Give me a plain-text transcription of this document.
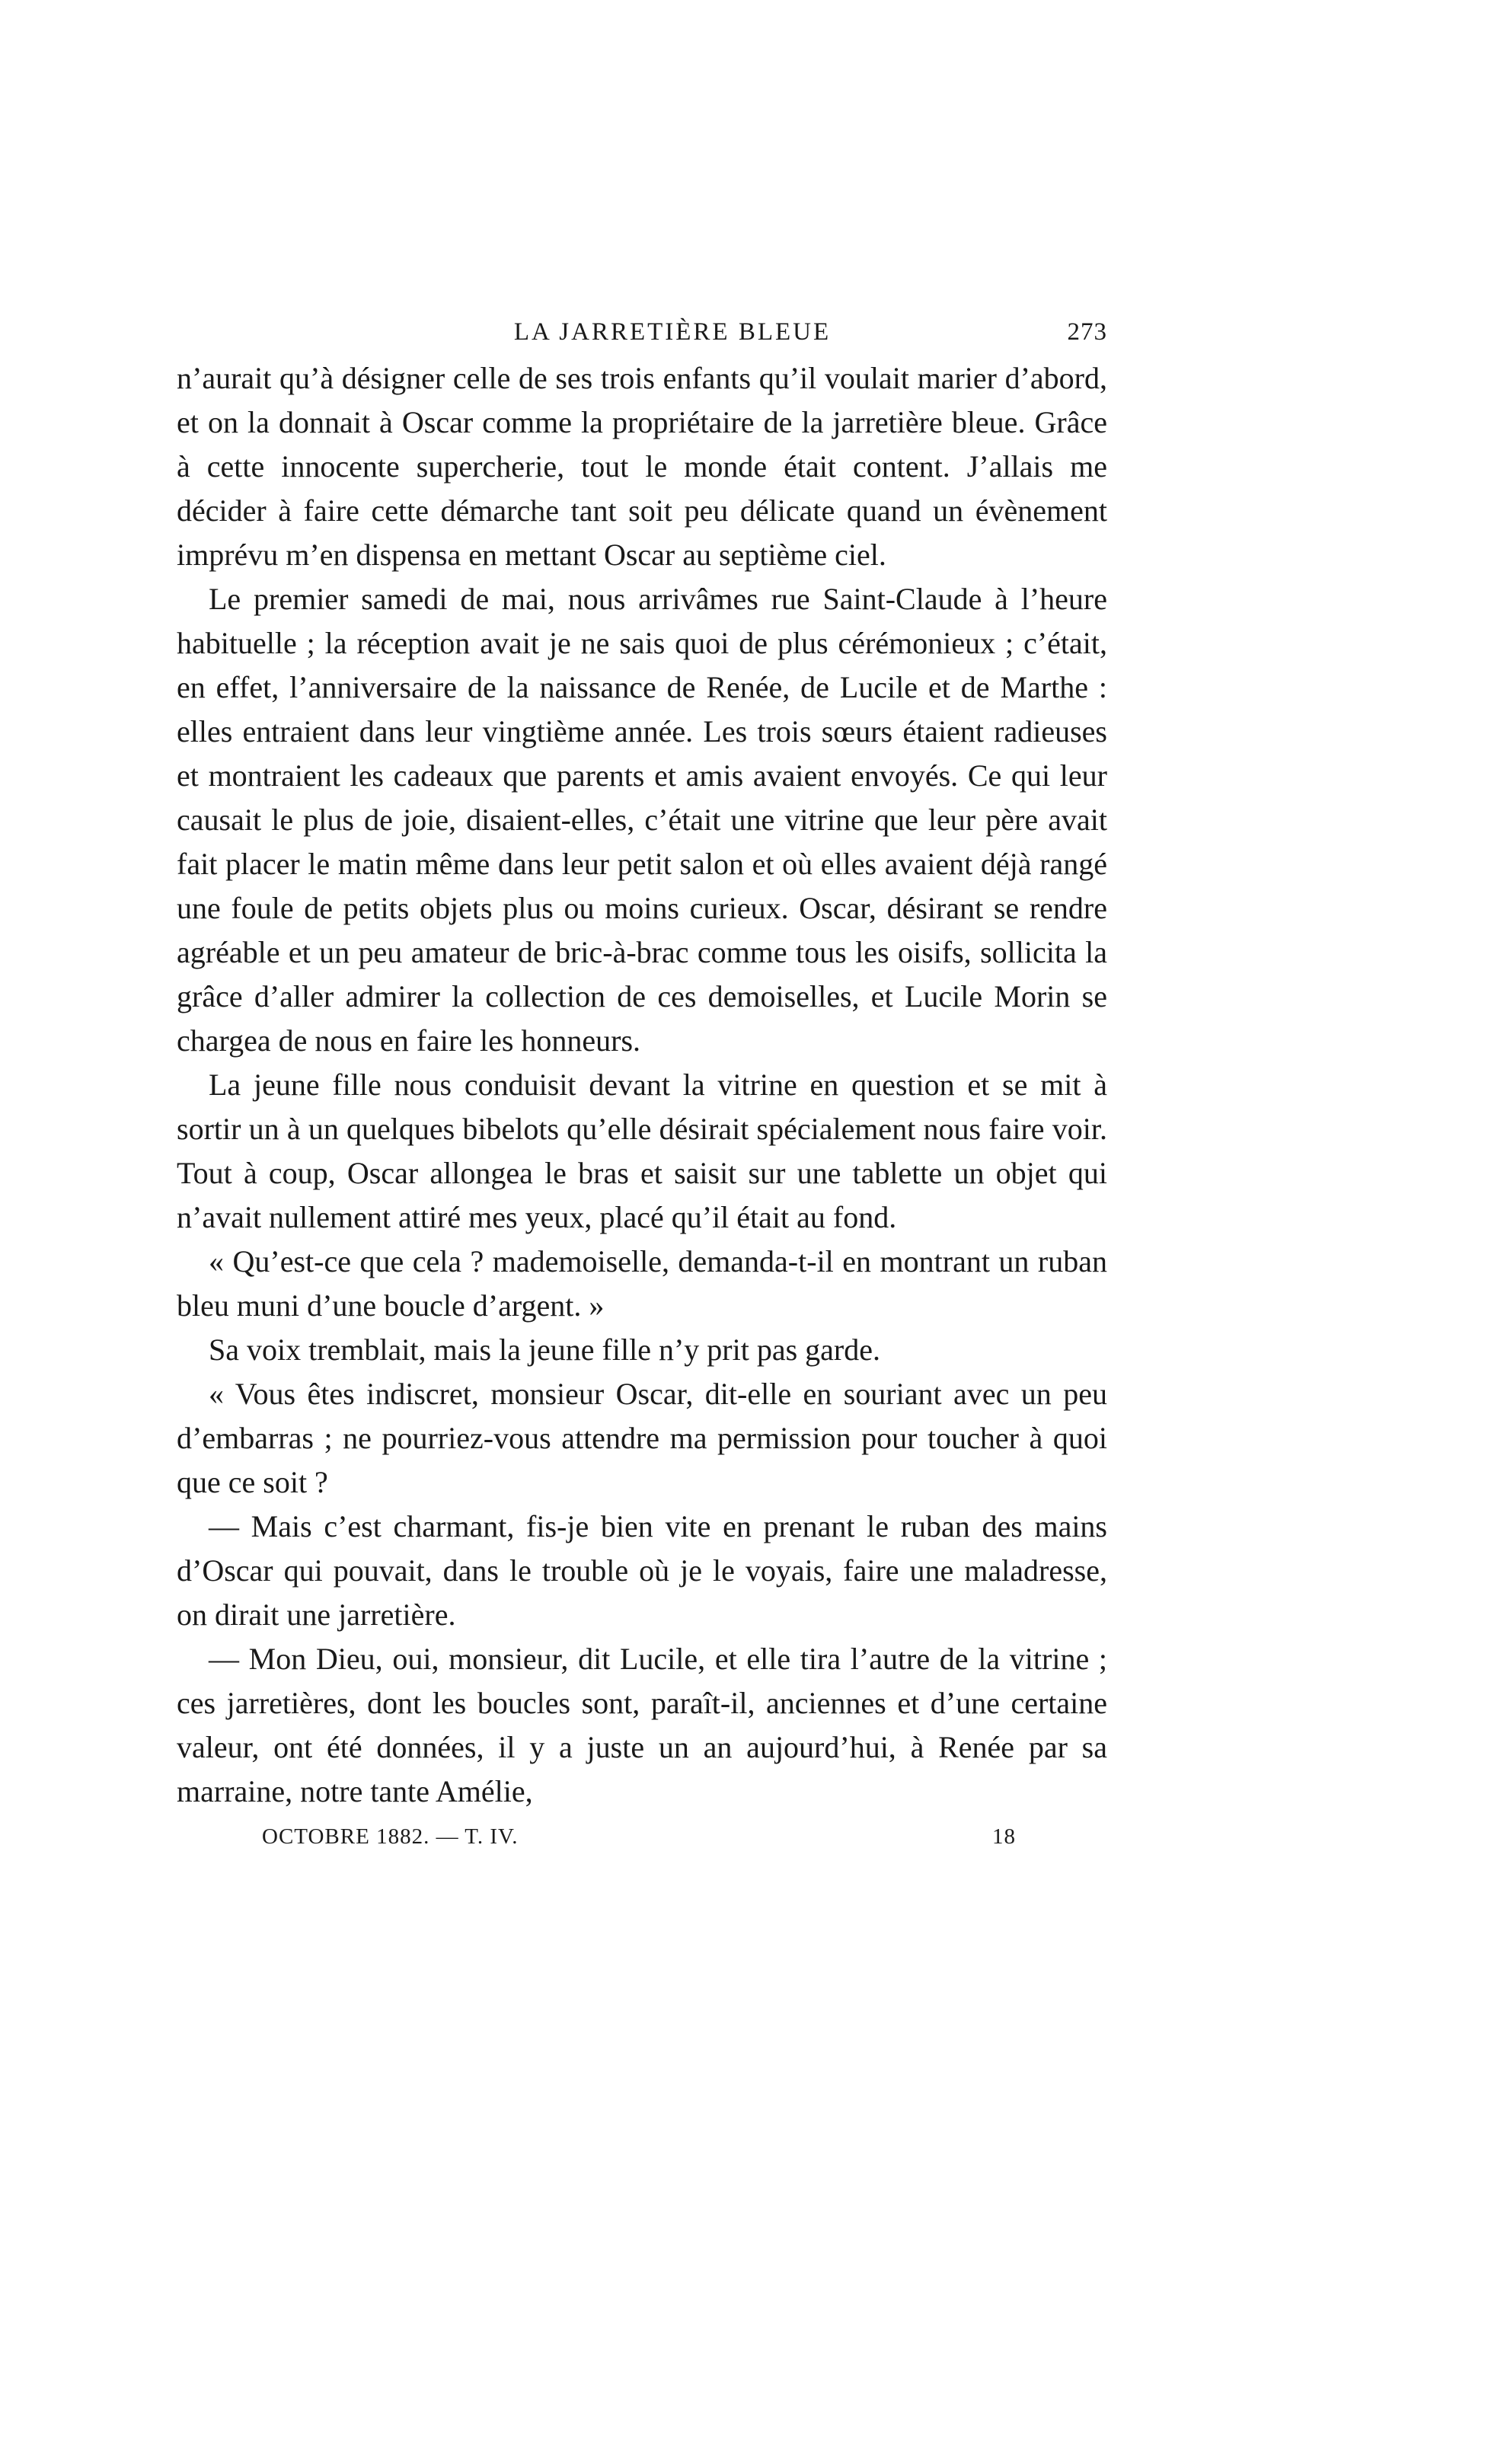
LA JARRETIÈRE BLEUE	273

n’aurait qu’à désigner celle de ses trois enfants qu’il voulait marier d’abord, et on la donnait à Oscar comme la propriétaire de la jarretière bleue. Grâce à cette innocente supercherie, tout le monde était content. J’allais me décider à faire cette démarche tant soit peu délicate quand un évènement imprévu m’en dispensa en mettant Oscar au septième ciel.

Le premier samedi de mai, nous arrivâmes rue Saint-Claude à l’heure habituelle ; la réception avait je ne sais quoi de plus cérémonieux ; c’était, en effet, l’anniversaire de la naissance de Renée, de Lucile et de Marthe : elles entraient dans leur vingtième année. Les trois sœurs étaient radieuses et montraient les cadeaux que parents et amis avaient envoyés. Ce qui leur causait le plus de joie, disaient-elles, c’était une vitrine que leur père avait fait placer le matin même dans leur petit salon et où elles avaient déjà rangé une foule de petits objets plus ou moins curieux. Oscar, désirant se rendre agréable et un peu amateur de bric-à-brac comme tous les oisifs, sollicita la grâce d’aller admirer la collection de ces demoiselles, et Lucile Morin se chargea de nous en faire les honneurs.

La jeune fille nous conduisit devant la vitrine en question et se mit à sortir un à un quelques bibelots qu’elle désirait spécialement nous faire voir. Tout à coup, Oscar allongea le bras et saisit sur une tablette un objet qui n’avait nullement attiré mes yeux, placé qu’il était au fond.

« Qu’est-ce que cela ? mademoiselle, demanda-t-il en montrant un ruban bleu muni d’une boucle d’argent. »

Sa voix tremblait, mais la jeune fille n’y prit pas garde.

« Vous êtes indiscret, monsieur Oscar, dit-elle en souriant avec un peu d’embarras ; ne pourriez-vous attendre ma permission pour toucher à quoi que ce soit ?

— Mais c’est charmant, fis-je bien vite en prenant le ruban des mains d’Oscar qui pouvait, dans le trouble où je le voyais, faire une maladresse, on dirait une jarretière.

— Mon Dieu, oui, monsieur, dit Lucile, et elle tira l’autre de la vitrine ; ces jarretières, dont les boucles sont, paraît-il, anciennes et d’une certaine valeur, ont été données, il y a juste un an aujourd’hui, à Renée par sa marraine, notre tante Amélie,

OCTOBRE 1882. — T. IV.	18
